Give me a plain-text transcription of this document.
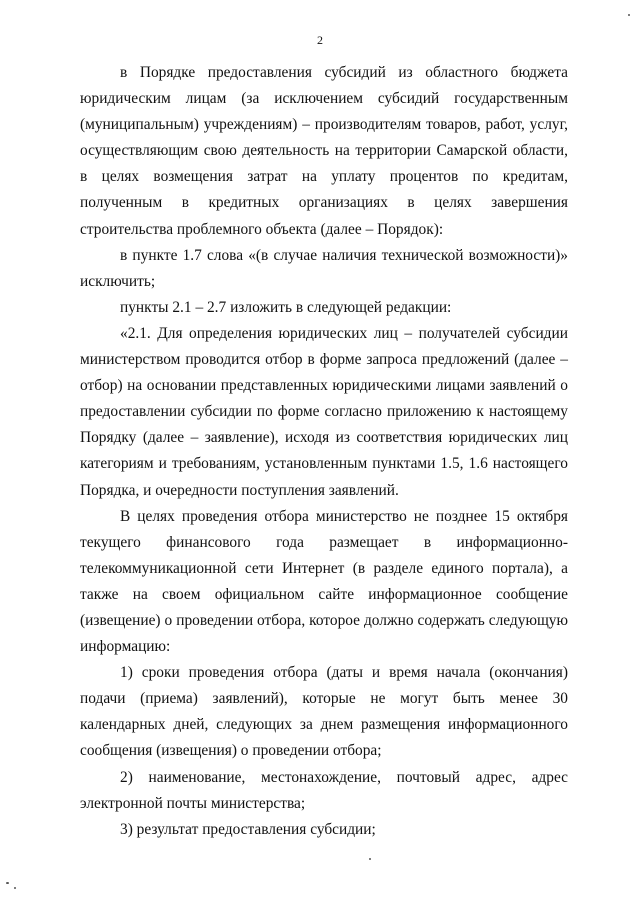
2

в Порядке предоставления субсидий из областного бюджета юридическим лицам (за исключением субсидий государственным (муниципальным) учреждениям) – производителям товаров, работ, услуг, осуществляющим свою деятельность на территории Самарской области, в целях возмещения затрат на уплату процентов по кредитам, полученным в кредитных организациях в целях завершения строительства проблемного объекта (далее – Порядок):

в пункте 1.7 слова «(в случае наличия технической возможности)» исключить;

пункты 2.1 – 2.7 изложить в следующей редакции:

«2.1. Для определения юридических лиц – получателей субсидии министерством проводится отбор в форме запроса предложений (далее – отбор) на основании представленных юридическими лицами заявлений о предоставлении субсидии по форме согласно приложению к настоящему Порядку (далее – заявление), исходя из соответствия юридических лиц категориям и требованиям, установленным пунктами 1.5, 1.6 настоящего Порядка, и очередности поступления заявлений.

В целях проведения отбора министерство не позднее 15 октября текущего финансового года размещает в информационно-телекоммуникационной сети Интернет (в разделе единого портала), а также на своем официальном сайте информационное сообщение (извещение) о проведении отбора, которое должно содержать следующую информацию:

1) сроки проведения отбора (даты и время начала (окончания) подачи (приема) заявлений), которые не могут быть менее 30 календарных дней, следующих за днем размещения информационного сообщения (извещения) о проведении отбора;

2) наименование, местонахождение, почтовый адрес, адрес электронной почты министерства;

3) результат предоставления субсидии;
